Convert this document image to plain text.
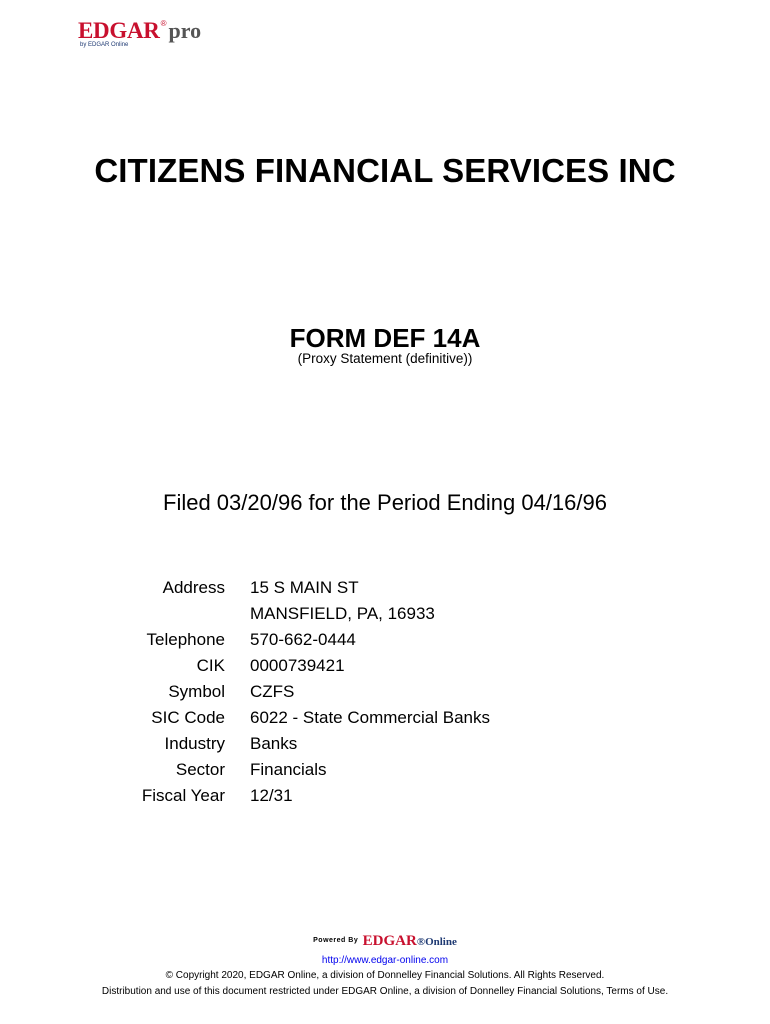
EDGAR®pro
by EDGAR Online
CITIZENS FINANCIAL SERVICES INC
FORM DEF 14A
(Proxy Statement (definitive))
Filed 03/20/96 for the Period Ending 04/16/96
Address 15 S MAIN ST
MANSFIELD, PA, 16933
Telephone 570-662-0444
CIK 0000739421
Symbol CZFS
SIC Code 6022 - State Commercial Banks
Industry Banks
Sector Financials
Fiscal Year 12/31
Powered By EDGAR®Online
http://www.edgar-online.com
© Copyright 2020, EDGAR Online, a division of Donnelley Financial Solutions. All Rights Reserved.
Distribution and use of this document restricted under EDGAR Online, a division of Donnelley Financial Solutions, Terms of Use.
